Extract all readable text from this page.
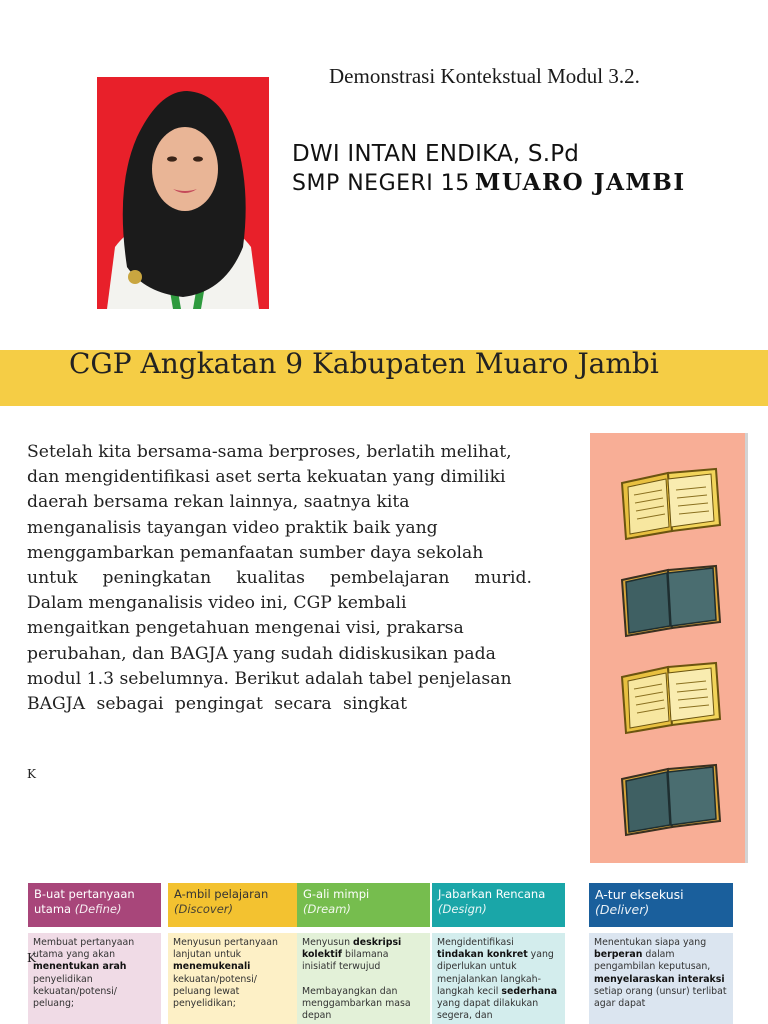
Demonstrasi Kontekstual Modul 3.2.
DWI INTAN ENDIKA, S.Pd
SMP NEGERI 15 MUARO JAMBI
CGP Angkatan 9 Kabupaten Muaro Jambi
Setelah kita bersama-sama berproses, berlatih melihat,
dan mengidentifikasi aset serta kekuatan yang dimiliki
daerah bersama rekan lainnya, saatnya kita
menganalisis tayangan video praktik baik yang
menggambarkan pemanfaatan sumber daya sekolah
untuk peningkatan kualitas pembelajaran murid.
Dalam menganalisis video ini, CGP kembali
mengaitkan pengetahuan mengenai visi, prakarsa
perubahan, dan BAGJA yang sudah didiskusikan pada
modul 1.3 sebelumnya. Berikut adalah tabel penjelasan
BAGJA sebagai pengingat secara singkat
K
B-uat pertanyaan utama (Define)

Membuat pertanyaan utama yang akan menentukan arah penyelidikan kekuatan/potensi/ peluang;

A-mbil pelajaran
(Discover)

Menyusun pertanyaan lanjutan untuk menemukenali kekuatan/potensi/ peluang lewat penyelidikan;

G-ali mimpi
(Dream)

Menyusun deskripsi kolektif bilamana inisiatif terwujud

Membayangkan dan menggambarkan masa depan

J-abarkan Rencana
(Design)

Mengidentifikasi tindakan konkret yang diperlukan untuk menjalankan langkah-langkah kecil sederhana yang dapat dilakukan segera, dan

A-tur eksekusi
(Deliver)

Menentukan siapa yang berperan dalam pengambilan keputusan, menyelaraskan interaksi setiap orang (unsur) terlibat agar dapat

K
